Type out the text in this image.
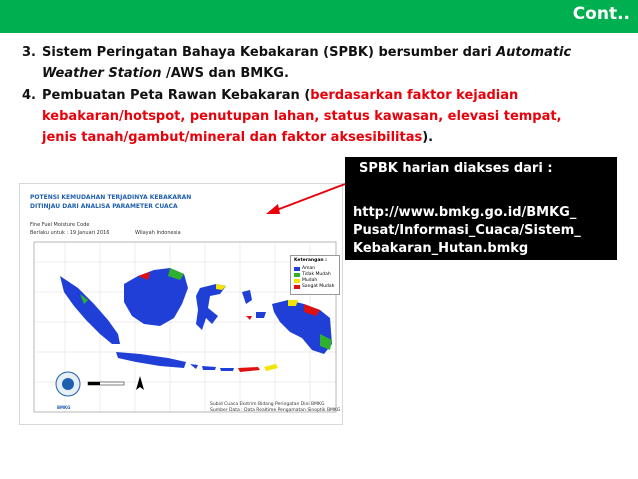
Cont..
3. Sistem Peringatan Bahaya Kebakaran (SPBK) bersumber dari Automatic
Weather Station /AWS dan BMKG.
4. Pembuatan Peta Rawan Kebakaran (berdasarkan faktor kejadian
kebakaran/hotspot, penutupan lahan, status kawasan, elevasi tempat,
jenis tanah/gambut/mineral dan faktor aksesibilitas).
POTENSI KEMUDAHAN TERJADINYA KEBAKARAN
DITINJAU DARI ANALISA PARAMETER CUACA
Fine Fuel Moisture Code
Berlaku untuk : 19 Januari 2016	Wilayah Indonesia
Keterangan :
Aman
Tidak Mudah
Mudah
Sangat Mudah
Subid Cuaca Ekstrim Bidang Peringatan Dini BMKG
Sumber Data : Data Realtime Pengamatan Sinoptik BMKG
BMKG
SPBK harian diakses dari :
http://www.bmkg.go.id/BMKG_
Pusat/Informasi_Cuaca/Sistem_
Kebakaran_Hutan.bmkg
